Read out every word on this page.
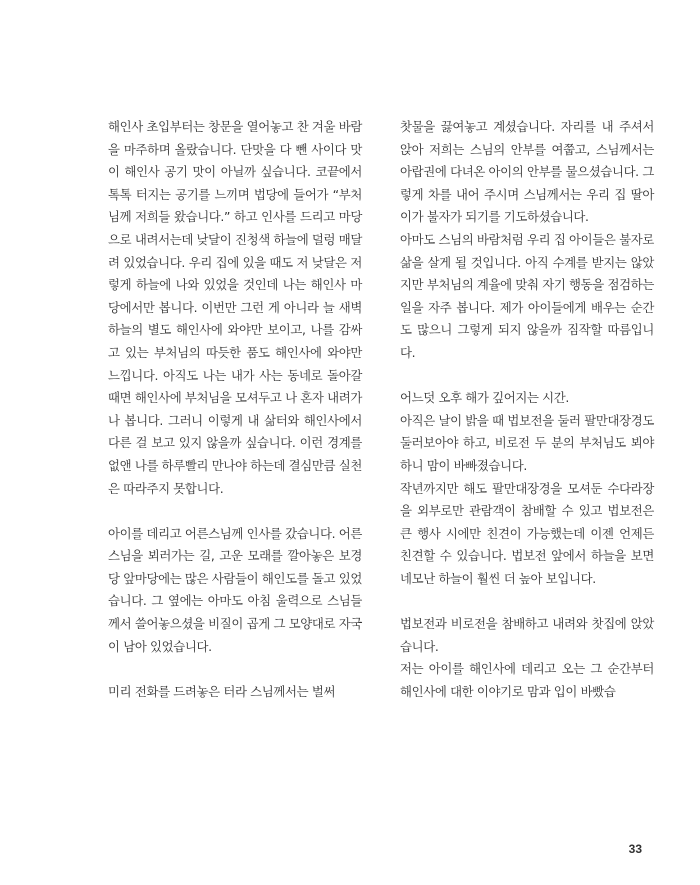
해인사 초입부터는 창문을 열어놓고 찬 겨울 바람을 마주하며 올랐습니다. 단맛을 다 뺀 사이다 맛이 해인사 공기 맛이 아닐까 싶습니다. 코끝에서 톡톡 터지는 공기를 느끼며 법당에 들어가 “부처님께 저희들 왔습니다.” 하고 인사를 드리고 마당으로 내려서는데 낮달이 진청색 하늘에 덜렁 매달려 있었습니다. 우리 집에 있을 때도 저 낮달은 저렇게 하늘에 나와 있었을 것인데 나는 해인사 마당에서만 봅니다. 이번만 그런 게 아니라 늘 새벽하늘의 별도 해인사에 와야만 보이고, 나를 감싸고 있는 부처님의 따듯한 품도 해인사에 와야만 느낍니다. 아직도 나는 내가 사는 동네로 돌아갈 때면 해인사에 부처님을 모셔두고 나 혼자 내려가나 봅니다. 그러니 이렇게 내 삶터와 해인사에서 다른 걸 보고 있지 않을까 싶습니다. 이런 경계를 없앤 나를 하루빨리 만나야 하는데 결심만큼 실천은 따라주지 못합니다.

아이를 데리고 어른스님께 인사를 갔습니다. 어른스님을 뵈러가는 길, 고운 모래를 깔아놓은 보경당 앞마당에는 많은 사람들이 해인도를 돌고 있었습니다. 그 옆에는 아마도 아침 울력으로 스님들께서 쓸어놓으셨을 비질이 곱게 그 모양대로 자국이 남아 있었습니다.

미리 전화를 드려놓은 터라 스님께서는 벌써

찻물을 끓여놓고 계셨습니다. 자리를 내 주셔서 앉아 저희는 스님의 안부를 여쭙고, 스님께서는 아랍권에 다녀온 아이의 안부를 물으셨습니다. 그렇게 차를 내어 주시며 스님께서는 우리 집 딸아이가 불자가 되기를 기도하셨습니다.

아마도 스님의 바람처럼 우리 집 아이들은 불자로 삶을 살게 될 것입니다. 아직 수계를 받지는 않았지만 부처님의 계율에 맞춰 자기 행동을 점검하는 일을 자주 봅니다. 제가 아이들에게 배우는 순간도 많으니 그렇게 되지 않을까 짐작할 따름입니다.

어느덧 오후 해가 깊어지는 시간.

아직은 날이 밝을 때 법보전을 둘러 팔만대장경도 둘러보아야 하고, 비로전 두 분의 부처님도 뵈야 하니 맘이 바빠졌습니다.

작년까지만 해도 팔만대장경을 모셔둔 수다라장을 외부로만 관람객이 참배할 수 있고 법보전은 큰 행사 시에만 친견이 가능했는데 이젠 언제든 친견할 수 있습니다. 법보전 앞에서 하늘을 보면 네모난 하늘이 훨씬 더 높아 보입니다.

법보전과 비로전을 참배하고 내려와 찻집에 앉았습니다.

저는 아이를 해인사에 데리고 오는 그 순간부터 해인사에 대한 이야기로 맘과 입이 바빴습

33
